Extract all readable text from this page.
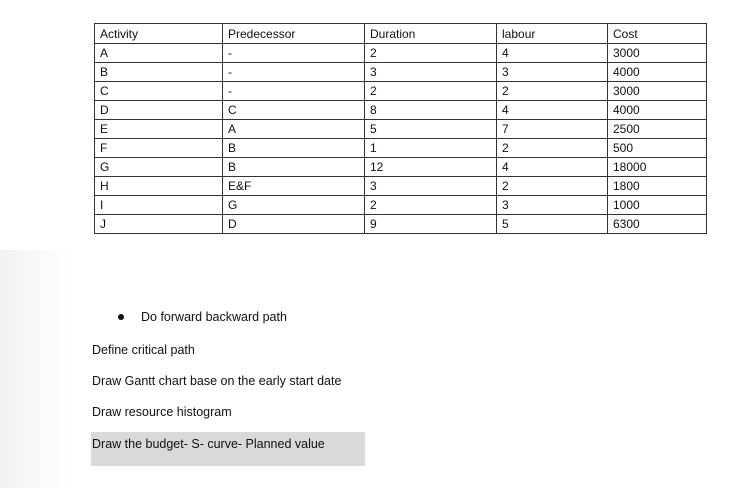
Activity	Predecessor	Duration	labour	Cost
A	-	2	4	3000
B	-	3	3	4000
C	-	2	2	3000
D	C	8	4	4000
E	A	5	7	2500
F	B	1	2	500
G	B	12	4	18000
H	E&F	3	2	1800
I	G	2	3	1000
J	D	9	5	6300
Do forward backward path
Define critical path
Draw Gantt chart base on the early start date
Draw resource histogram
Draw the budget- S- curve- Planned value
